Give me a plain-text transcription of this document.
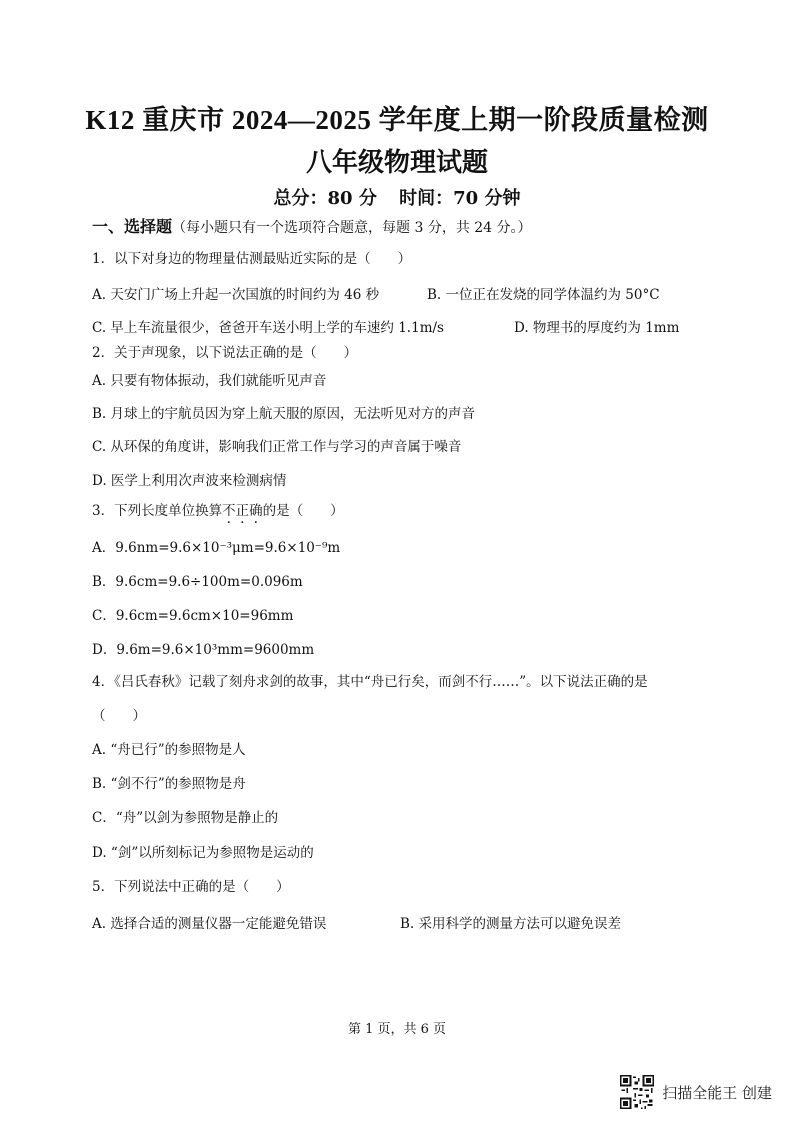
K12 重庆市 2024—2025 学年度上期一阶段质量检测
八年级物理试题
总分：80 分 时间：70 分钟
一、选择题（每小题只有一个选项符合题意，每题 3 分，共 24 分。）
1．以下对身边的物理量估测最贴近实际的是（　　）
A. 天安门广场上升起一次国旗的时间约为 46 秒	B. 一位正在发烧的同学体温约为 50°C
C. 早上车流量很少，爸爸开车送小明上学的车速约 1.1m/s	D. 物理书的厚度约为 1mm
2．关于声现象，以下说法正确的是（　　）
A. 只要有物体振动，我们就能听见声音
B. 月球上的宇航员因为穿上航天服的原因，无法听见对方的声音
C. 从环保的角度讲，影响我们正常工作与学习的声音属于噪音
D. 医学上利用次声波来检测病情
3．下列长度单位换算不正确的是（　　）
A．9.6nm=9.6×10⁻³μm=9.6×10⁻⁹m
B．9.6cm=9.6÷100m=0.096m
C．9.6cm=9.6cm×10=96mm
D．9.6m=9.6×10³mm=9600mm
4．《吕氏春秋》记载了刻舟求剑的故事，其中“舟已行矣，而剑不行……”。以下说法正确的是
（　　）
A. “舟已行”的参照物是人
B. “剑不行”的参照物是舟
C．“舟”以剑为参照物是静止的
D. “剑”以所刻标记为参照物是运动的
5．下列说法中正确的是（　　）
A. 选择合适的测量仪器一定能避免错误	B. 采用科学的测量方法可以避免误差
第 1 页，共 6 页
扫描全能王 创建
